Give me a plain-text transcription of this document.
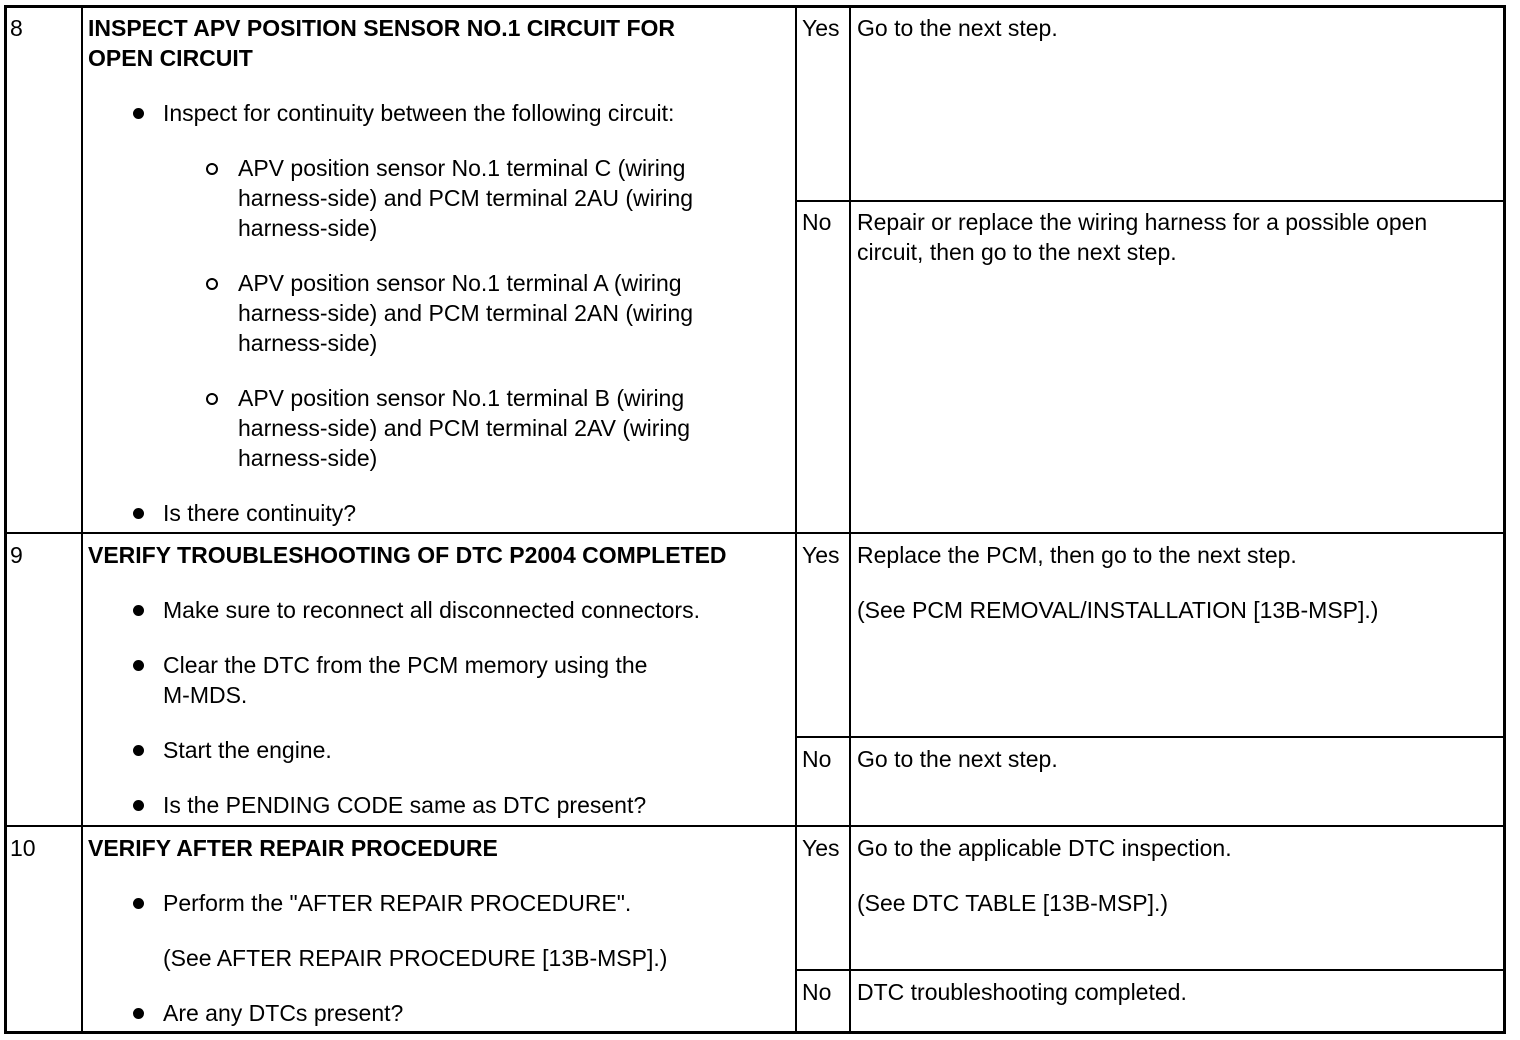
8	INSPECT APV POSITION SENSOR NO.1 CIRCUIT FOR
OPEN CIRCUIT
Inspect for continuity between the following circuit:
APV position sensor No.1 terminal C (wiring
harness-side) and PCM terminal 2AU (wiring
harness-side)
APV position sensor No.1 terminal A (wiring
harness-side) and PCM terminal 2AN (wiring
harness-side)
APV position sensor No.1 terminal B (wiring
harness-side) and PCM terminal 2AV (wiring
harness-side)
Is there continuity?
Yes Go to the next step.
No Repair or replace the wiring harness for a possible open
circuit, then go to the next step.
9	VERIFY TROUBLESHOOTING OF DTC P2004 COMPLETED
Make sure to reconnect all disconnected connectors.
Clear the DTC from the PCM memory using the
M-MDS.
Start the engine.
Is the PENDING CODE same as DTC present?
Yes Replace the PCM, then go to the next step.
(See PCM REMOVAL/INSTALLATION [13B-MSP].)
No Go to the next step.
10 VERIFY AFTER REPAIR PROCEDURE
Perform the "AFTER REPAIR PROCEDURE".
(See AFTER REPAIR PROCEDURE [13B-MSP].)
Are any DTCs present?
Yes Go to the applicable DTC inspection.
(See DTC TABLE [13B-MSP].)
No DTC troubleshooting completed.
